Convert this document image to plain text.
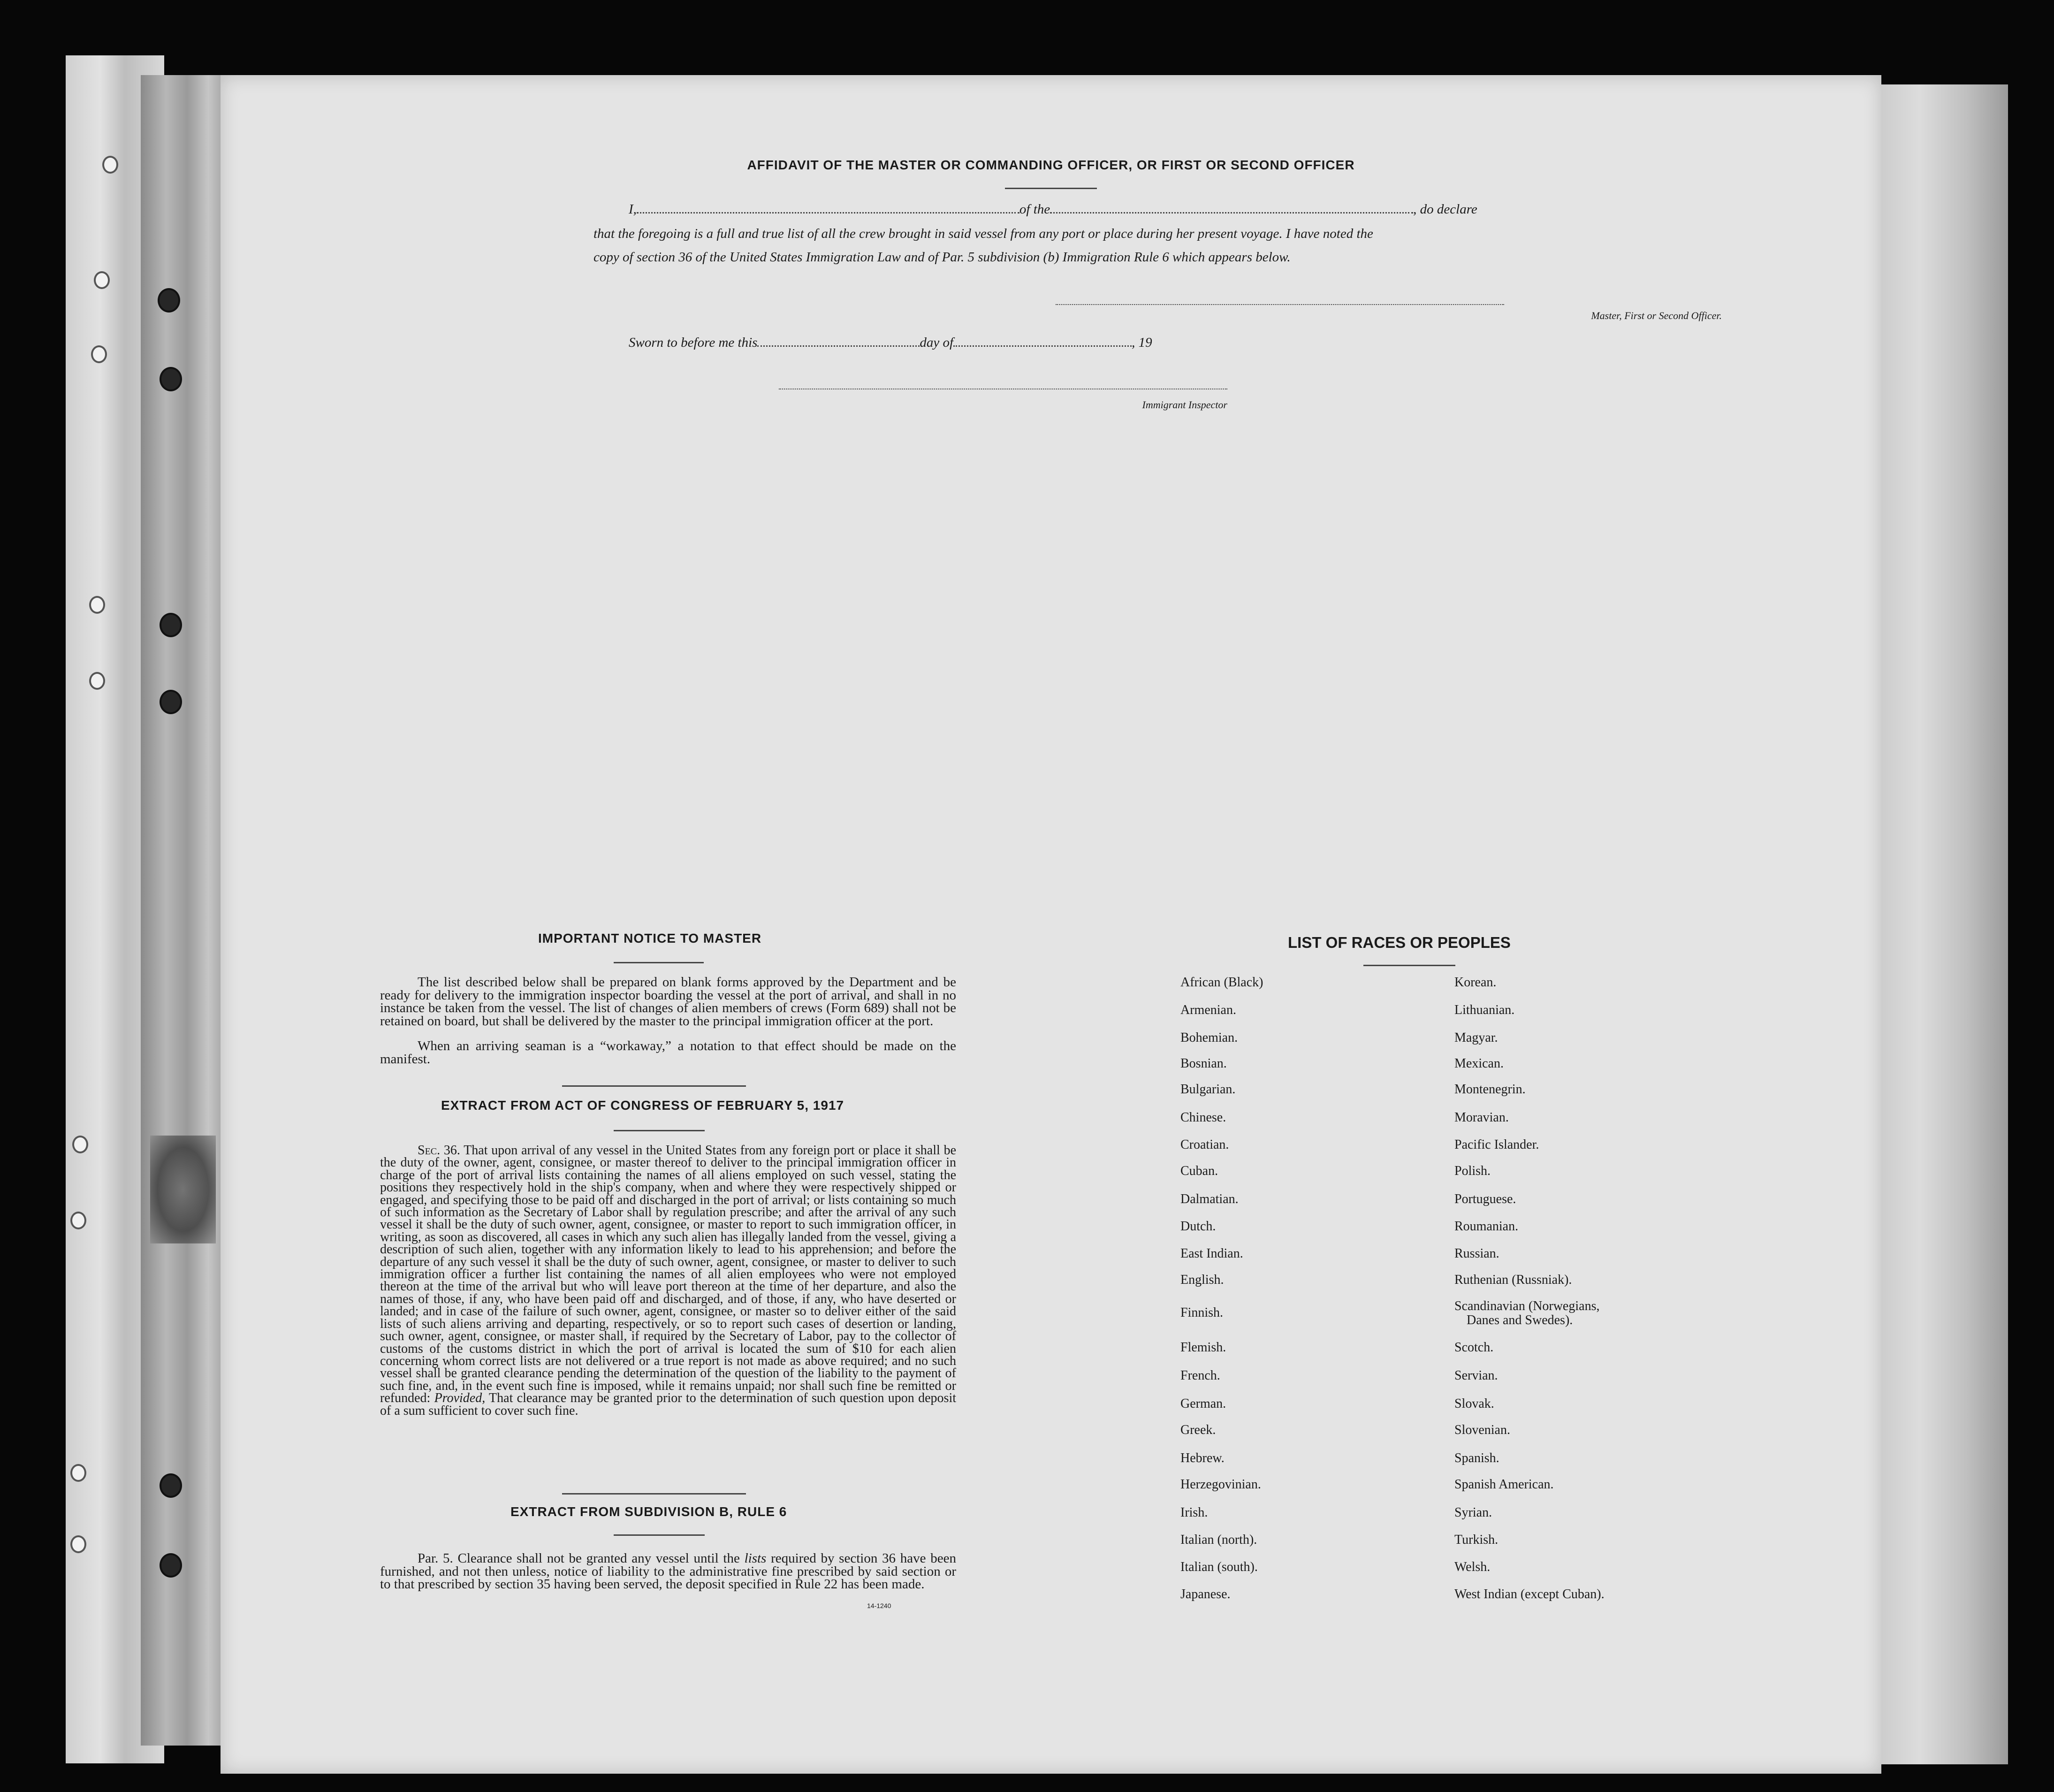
AFFIDAVIT OF THE MASTER OR COMMANDING OFFICER, OR FIRST OR SECOND OFFICER
I,	of the	, do declare
that the foregoing is a full and true list of all the crew brought in said vessel from any port or place during her present voyage. I have noted the
copy of section 36 of the United States Immigration Law and of Par. 5 subdivision (b) Immigration Rule 6 which appears below.
Master, First or Second Officer.
Sworn to before me this	day of	, 19
Immigrant Inspector
IMPORTANT NOTICE TO MASTER
The list described below shall be prepared on blank forms approved by the Department and be ready for delivery to the immigration inspector boarding the vessel at the port of arrival, and shall in no instance be taken from the vessel. The list of changes of alien members of crews (Form 689) shall not be retained on board, but shall be delivered by the master to the principal immigration officer at the port.
When an arriving seaman is a “workaway,” a notation to that effect should be made on the manifest.
EXTRACT FROM ACT OF CONGRESS OF FEBRUARY 5, 1917
Sec. 36. That upon arrival of any vessel in the United States from any foreign port or place it shall be the duty of the owner, agent, consignee, or master thereof to deliver to the principal immigration officer in charge of the port of arrival lists containing the names of all aliens employed on such vessel, stating the positions they respectively hold in the ship's company, when and where they were respectively shipped or engaged, and specifying those to be paid off and discharged in the port of arrival; or lists containing so much of such information as the Secretary of Labor shall by regulation prescribe; and after the arrival of any such vessel it shall be the duty of such owner, agent, consignee, or master to report to such immigration officer, in writing, as soon as discovered, all cases in which any such alien has illegally landed from the vessel, giving a description of such alien, together with any information likely to lead to his apprehension; and before the departure of any such vessel it shall be the duty of such owner, agent, consignee, or master to deliver to such immigration officer a further list containing the names of all alien employees who were not employed thereon at the time of the arrival but who will leave port thereon at the time of her departure, and also the names of those, if any, who have been paid off and discharged, and of those, if any, who have deserted or landed; and in case of the failure of such owner, agent, consignee, or master so to deliver either of the said lists of such aliens arriving and departing, respectively, or so to report such cases of desertion or landing, such owner, agent, consignee, or master shall, if required by the Secretary of Labor, pay to the collector of customs of the customs district in which the port of arrival is located the sum of $10 for each alien concerning whom correct lists are not delivered or a true report is not made as above required; and no such vessel shall be granted clearance pending the determination of the question of the liability to the payment of such fine, and, in the event such fine is imposed, while it remains unpaid; nor shall such fine be remitted or refunded: Provided, That clearance may be granted prior to the determination of such question upon deposit of a sum sufficient to cover such fine.
EXTRACT FROM SUBDIVISION B, RULE 6
Par. 5. Clearance shall not be granted any vessel until the lists required by section 36 have been furnished, and not then unless, notice of liability to the administrative fine prescribed by said section or to that prescribed by section 35 having been served, the deposit specified in Rule 22 has been made.
14-1240
LIST OF RACES OR PEOPLES
African (Black)
Armenian.
Bohemian.
Bosnian.
Bulgarian.
Chinese.
Croatian.
Cuban.
Dalmatian.
Dutch.
East Indian.
English.
Finnish.
Flemish.
French.
German.
Greek.
Hebrew.
Herzegovinian.
Irish.
Italian (north).
Italian (south).
Japanese.
Korean.
Lithuanian.
Magyar.
Mexican.
Montenegrin.
Moravian.
Pacific Islander.
Polish.
Portuguese.
Roumanian.
Russian.
Ruthenian (Russniak).
Scandinavian (Norwegians,
Danes and Swedes).
Scotch.
Servian.
Slovak.
Slovenian.
Spanish.
Spanish American.
Syrian.
Turkish.
Welsh.
West Indian (except Cuban).
